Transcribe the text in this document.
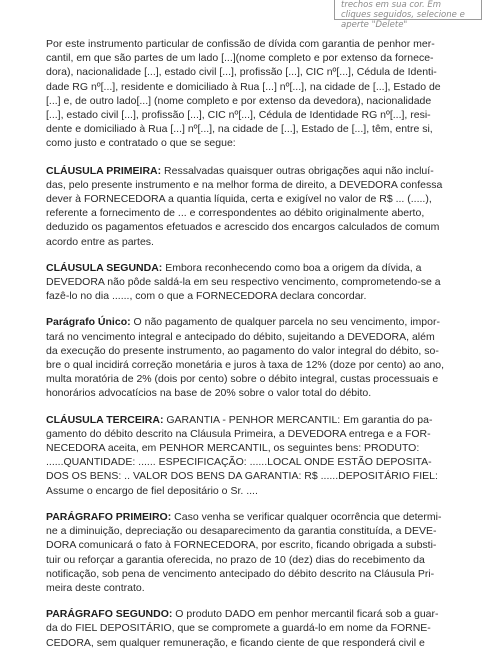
trechos em sua cor. Em
cliques seguidos, selecione e
aperte "Delete"

Por este instrumento particular de confissão de dívida com garantia de penhor mer-
cantil, em que são partes de um lado [...](nome completo e por extenso da fornece-
dora), nacionalidade [...], estado civil [...], profissão [...], CIC nº[...], Cédula de Identi-
dade RG nº[...], residente e domiciliado à Rua [...] nº[...], na cidade de [...], Estado de
[...] e, de outro lado[...] (nome completo e por extenso da devedora), nacionalidade
[...], estado civil [...], profissão [...], CIC nº[...], Cédula de Identidade RG nº[...], resi-
dente e domiciliado à Rua [...] nº[...], na cidade de [...], Estado de [...], têm, entre si,
como justo e contratado o que se segue:

CLÁUSULA PRIMEIRA: Ressalvadas quaisquer outras obrigações aqui não incluí-
das, pelo presente instrumento e na melhor forma de direito, a DEVEDORA confessa
dever à FORNECEDORA a quantia líquida, certa e exigível no valor de R$ ... (.....),
referente a fornecimento de ... e correspondentes ao débito originalmente aberto,
deduzido os pagamentos efetuados e acrescido dos encargos calculados de comum
acordo entre as partes.

CLÁUSULA SEGUNDA: Embora reconhecendo como boa a origem da dívida, a
DEVEDORA não pôde saldá-la em seu respectivo vencimento, comprometendo-se a
fazê-lo no dia ......, com o que a FORNECEDORA declara concordar.

Parágrafo Único: O não pagamento de qualquer parcela no seu vencimento, impor-
tará no vencimento integral e antecipado do débito, sujeitando a DEVEDORA, além
da execução do presente instrumento, ao pagamento do valor integral do débito, so-
bre o qual incidirá correção monetária e juros à taxa de 12% (doze por cento) ao ano,
multa moratória de 2% (dois por cento) sobre o débito integral, custas processuais e
honorários advocatícios na base de 20% sobre o valor total do débito.

CLÁUSULA TERCEIRA: GARANTIA - PENHOR MERCANTIL: Em garantia do pa-
gamento do débito descrito na Cláusula Primeira, a DEVEDORA entrega e a FOR-
NECEDORA aceita, em PENHOR MERCANTIL, os seguintes bens: PRODUTO:
......QUANTIDADE: ...... ESPECIFICAÇÃO: ......LOCAL ONDE ESTÃO DEPOSITA-
DOS OS BENS: .. VALOR DOS BENS DA GARANTIA: R$ ......DEPOSITÁRIO FIEL:
Assume o encargo de fiel depositário o Sr. ....

PARÁGRAFO PRIMEIRO: Caso venha se verificar qualquer ocorrência que determi-
ne a diminuição, depreciação ou desaparecimento da garantia constituída, a DEVE-
DORA comunicará o fato à FORNECEDORA, por escrito, ficando obrigada a substi-
tuir ou reforçar a garantia oferecida, no prazo de 10 (dez) dias do recebimento da
notificação, sob pena de vencimento antecipado do débito descrito na Cláusula Pri-
meira deste contrato.

PARÁGRAFO SEGUNDO: O produto DADO em penhor mercantil ficará sob a guar-
da do FIEL DEPOSITÁRIO, que se compromete a guardá-lo em nome da FORNE-
CEDORA, sem qualquer remuneração, e ficando ciente de que responderá civil e
